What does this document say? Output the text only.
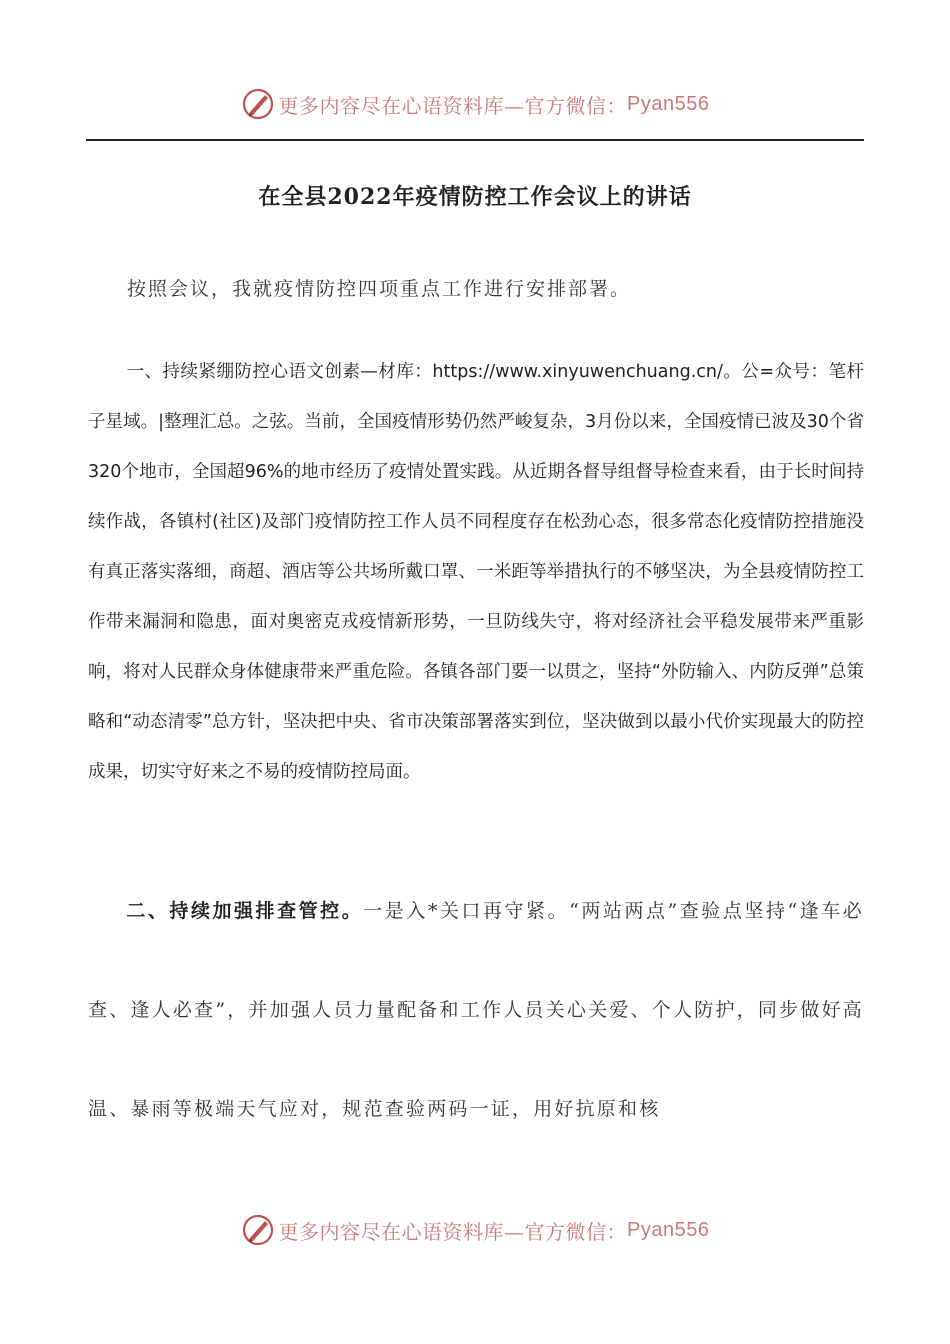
更多内容尽在心语资料库—官方微信： Pyan556
在全县2022年疫情防控工作会议上的讲话
按照会议，我就疫情防控四项重点工作进行安排部署。
一、持续紧绷防控心语文创素—材库：https://www.xinyuwenchuang.cn/。公=众号：笔杆子星域。|整理汇总。之弦。当前，全国疫情形势仍然严峻复杂，3月份以来，全国疫情已波及30个省320个地市，全国超96%的地市经历了疫情处置实践。从近期各督导组督导检查来看，由于长时间持续作战，各镇村(社区)及部门疫情防控工作人员不同程度存在松劲心态，很多常态化疫情防控措施没有真正落实落细，商超、酒店等公共场所戴口罩、一米距等举措执行的不够坚决，为全县疫情防控工作带来漏洞和隐患，面对奥密克戎疫情新形势，一旦防线失守，将对经济社会平稳发展带来严重影响，将对人民群众身体健康带来严重危险。各镇各部门要一以贯之，坚持“外防输入、内防反弹”总策略和“动态清零”总方针，坚决把中央、省市决策部署落实到位，坚决做到以最小代价实现最大的防控成果，切实守好来之不易的疫情防控局面。
二、持续加强排查管控。一是入*关口再守紧。“两站两点”查验点坚持“逢车必查、逢人必查”，并加强人员力量配备和工作人员关心关爱、个人防护，同步做好高温、暴雨等极端天气应对，规范查验两码一证，用好抗原和核
更多内容尽在心语资料库—官方微信： Pyan556
